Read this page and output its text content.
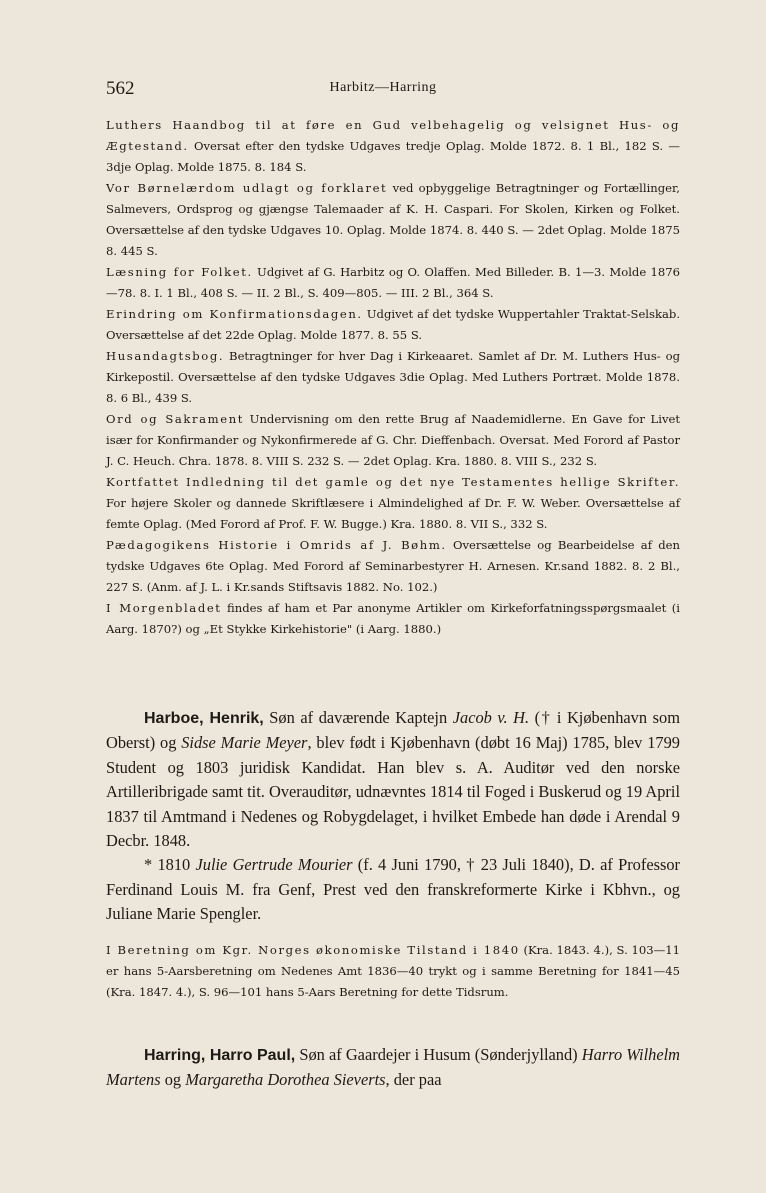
562	Harbitz—Harring

Luthers Haandbog til at føre en Gud velbehagelig og velsignet Hus- og Ægtestand. Oversat efter den tydske Udgaves tredje Oplag. Molde 1872. 8. 1 Bl., 182 S. — 3dje Oplag. Molde 1875. 8. 184 S.

Vor Børnelærdom udlagt og forklaret ved opbyggelige Betragtninger og Fortællinger, Salmevers, Ordsprog og gjængse Talemaader af K. H. Caspari. For Skolen, Kirken og Folket. Oversættelse af den tydske Udgaves 10. Oplag. Molde 1874. 8. 440 S. — 2det Oplag. Molde 1875 8. 445 S.

Læsning for Folket. Udgivet af G. Harbitz og O. Olaffen. Med Billeder. B. 1—3. Molde 1876—78. 8. I. 1 Bl., 408 S. — II. 2 Bl., S. 409—805. — III. 2 Bl., 364 S.

Erindring om Konfirmationsdagen. Udgivet af det tydske Wuppertahler Traktat-Selskab. Oversættelse af det 22de Oplag. Molde 1877. 8. 55 S.

Husandagtsbog. Betragtninger for hver Dag i Kirkeaaret. Samlet af Dr. M. Luthers Hus- og Kirkepostil. Oversættelse af den tydske Udgaves 3die Oplag. Med Luthers Portræt. Molde 1878. 8. 6 Bl., 439 S.

Ord og Sakrament Undervisning om den rette Brug af Naademidlerne. En Gave for Livet især for Konfirmander og Nykonfirmerede af G. Chr. Dieffenbach. Oversat. Med Forord af Pastor J. C. Heuch. Chra. 1878. 8. VIII S. 232 S. — 2det Oplag. Kra. 1880. 8. VIII S., 232 S.

Kortfattet Indledning til det gamle og det nye Testamentes hellige Skrifter. For højere Skoler og dannede Skriftlæsere i Almindelighed af Dr. F. W. Weber. Oversættelse af femte Oplag. (Med Forord af Prof. F. W. Bugge.) Kra. 1880. 8. VII S., 332 S.

Pædagogikens Historie i Omrids af J. Bøhm. Oversættelse og Bearbeidelse af den tydske Udgaves 6te Oplag. Med Forord af Seminarbestyrer H. Arnesen. Kr.sand 1882. 8. 2 Bl., 227 S. (Anm. af J. L. i Kr.sands Stiftsavis 1882. No. 102.)

I Morgenbladet findes af ham et Par anonyme Artikler om Kirkeforfatningsspørgsmaalet (i Aarg. 1870?) og „Et Stykke Kirkehistorie" (i Aarg. 1880.)

Harboe, Henrik, Søn af daværende Kaptejn Jacob v. H. († i Kjøbenhavn som Oberst) og Sidse Marie Meyer, blev født i Kjøbenhavn (døbt 16 Maj) 1785, blev 1799 Student og 1803 juridisk Kandidat. Han blev s. A. Auditør ved den norske Artilleribrigade samt tit. Overauditør, udnævntes 1814 til Foged i Buskerud og 19 April 1837 til Amtmand i Nedenes og Robygdelaget, i hvilket Embede han døde i Arendal 9 Decbr. 1848.

* 1810 Julie Gertrude Mourier (f. 4 Juni 1790, † 23 Juli 1840), D. af Professor Ferdinand Louis M. fra Genf, Prest ved den franskreformerte Kirke i Kbhvn., og Juliane Marie Spengler.

I Beretning om Kgr. Norges økonomiske Tilstand i 1840 (Kra. 1843. 4.), S. 103—11 er hans 5-Aarsberetning om Nedenes Amt 1836—40 trykt og i samme Beretning for 1841—45 (Kra. 1847. 4.), S. 96—101 hans 5-Aars Beretning for dette Tidsrum.

Harring, Harro Paul, Søn af Gaardejer i Husum (Sønderjylland) Harro Wilhelm Martens og Margaretha Dorothea Sieverts, der paa
